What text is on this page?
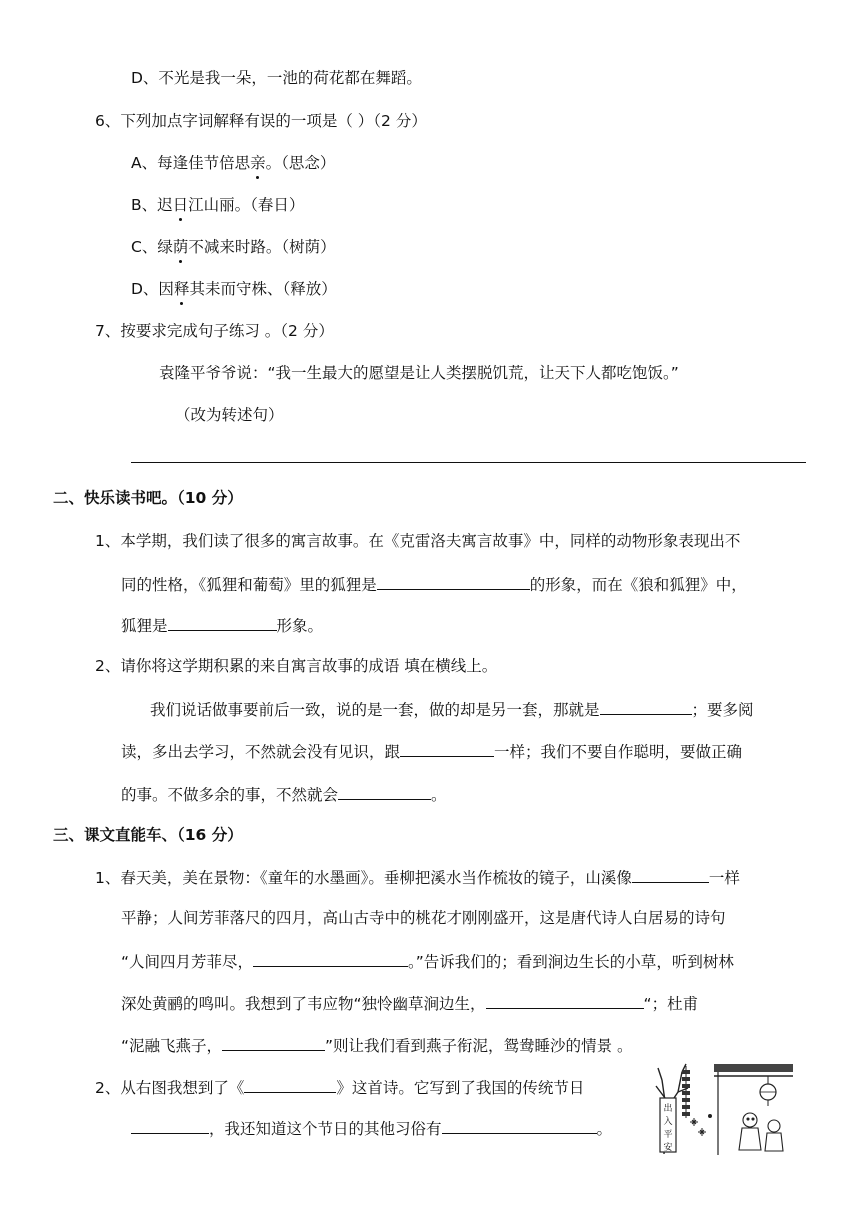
D、不光是我一朵，一池的荷花都在舞蹈。
6、下列加点字词解释有误的一项是（ ）（2 分）
A、每逢佳节倍思亲。（思念）
B、迟日江山丽。（春日）
C、绿荫不减来时路。（树荫）
D、因释其耒而守株、（释放）
7、按要求完成句子练习 。（2 分）
袁隆平爷爷说：“我一生最大的愿望是让人类摆脱饥荒，让天下人都吃饱饭。”
（改为转述句）
二、快乐读书吧。（10 分）
1、本学期，我们读了很多的寓言故事。在《克雷洛夫寓言故事》中，同样的动物形象表现出不
同的性格，《狐狸和葡萄》里的狐狸是	的形象，而在《狼和狐狸》中，
狐狸是	形象。
2、请你将这学期积累的来自寓言故事的成语 填在横线上。
我们说话做事要前后一致，说的是一套，做的却是另一套，那就是	；要多阅
读，多出去学习，不然就会没有见识，跟	一样；我们不要自作聪明，要做正确
的事。不做多余的事，不然就会	。
三、课文直能车、（16 分）
1、春天美，美在景物：《童年的水墨画》。垂柳把溪水当作梳妆的镜子，山溪像	一样
平静；人间芳菲落尺的四月，高山古寺中的桃花才刚刚盛开，这是唐代诗人白居易的诗句
“人间四月芳菲尽，	。”告诉我们的；看到涧边生长的小草，听到树林
深处黄鹂的鸣叫。我想到了韦应物“独怜幽草涧边生，	“；杜甫
“泥融飞燕子，	”则让我们看到燕子衔泥，鸳鸯睡沙的情景 。
2、从右图我想到了《	》这首诗。它写到了我国的传统节日
，我还知道这个节日的其他习俗有	。
出
入
平
安
